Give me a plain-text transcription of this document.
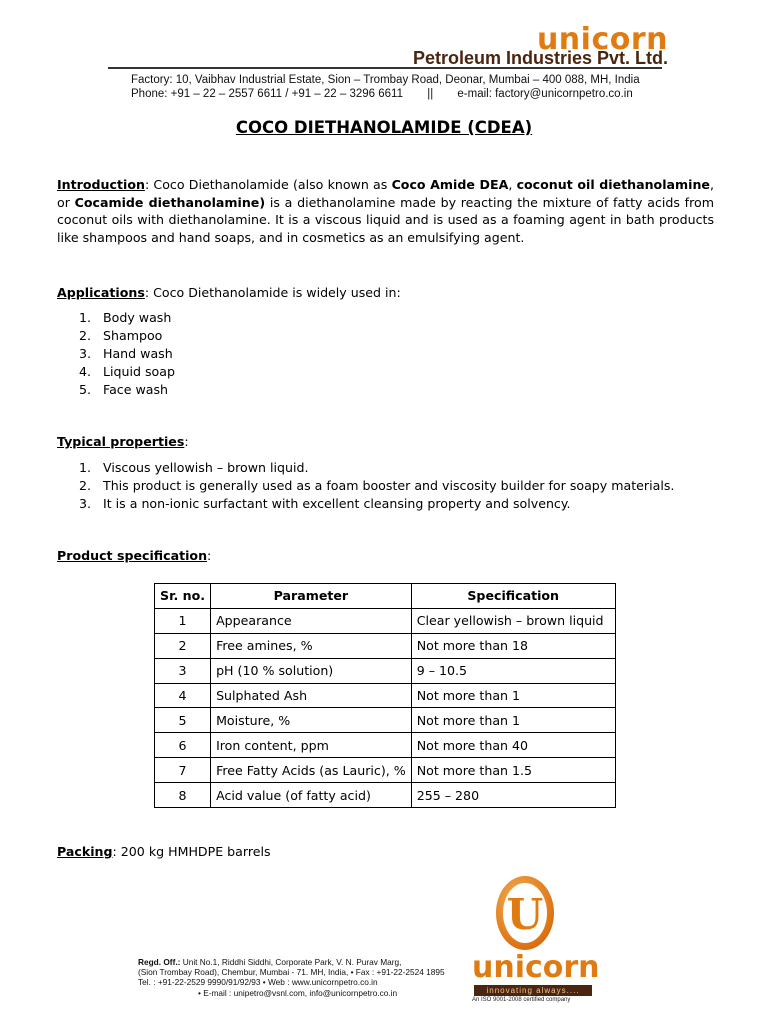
unicorn
Petroleum Industries Pvt. Ltd.
Factory: 10, Vaibhav Industrial Estate, Sion – Trombay Road, Deonar, Mumbai – 400 088, MH, India
Phone: +91 – 22 – 2557 6611 / +91 – 22 – 3296 6611 || e-mail: factory@unicornpetro.co.in
COCO DIETHANOLAMIDE (CDEA)
Introduction: Coco Diethanolamide (also known as Coco Amide DEA, coconut oil diethanolamine, or Cocamide diethanolamine) is a diethanolamine made by reacting the mixture of fatty acids from coconut oils with diethanolamine. It is a viscous liquid and is used as a foaming agent in bath products like shampoos and hand soaps, and in cosmetics as an emulsifying agent.
Applications: Coco Diethanolamide is widely used in:
1. Body wash
2. Shampoo
3. Hand wash
4. Liquid soap
5. Face wash
Typical properties:
1. Viscous yellowish – brown liquid.
2. This product is generally used as a foam booster and viscosity builder for soapy materials.
3. It is a non-ionic surfactant with excellent cleansing property and solvency.
Product specification:
Sr. no.	Parameter	Specification
1	Appearance	Clear yellowish – brown liquid
2	Free amines, %	Not more than 18
3	pH (10 % solution)	9 – 10.5
4	Sulphated Ash	Not more than 1
5	Moisture, %	Not more than 1
6	Iron content, ppm	Not more than 40
7	Free Fatty Acids (as Lauric), %	Not more than 1.5
8	Acid value (of fatty acid)	255 – 280
Packing: 200 kg HMHDPE barrels
Regd. Off.: Unit No.1, Riddhi Siddhi, Corporate Park, V. N. Purav Marg,
(Sion Trombay Road), Chembur, Mumbai - 71. MH, India, • Fax : +91-22-2524 1895
Tel. : +91-22-2529 9990/91/92/93 • Web : www.unicornpetro.co.in
• E-mail : unipetro@vsnl.com, info@unicornpetro.co.in
U
unicorn
innovating always....
An ISO 9001-2008 certified company
